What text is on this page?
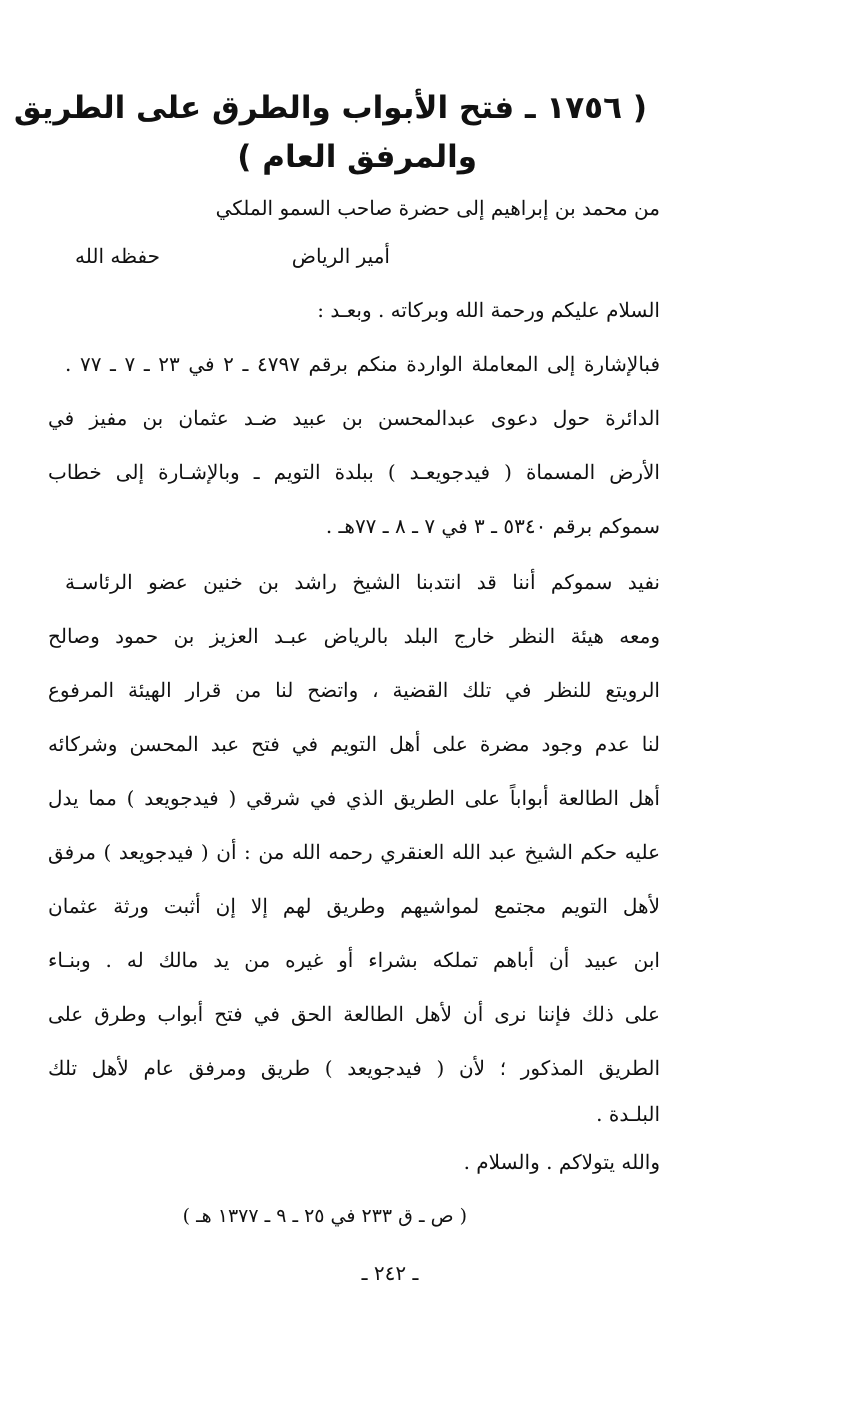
( ١٧٥٦ ـ فتح الأبواب والطرق على الطريق
والمرفق العام )
من محمد بن إبراهيم إلى حضرة صاحب السمو الملكي
أمير الرياض
حفظه الله
السلام عليكم ورحمة الله وبركاته . وبعـد :
فبالإشارة إلى المعاملة الواردة منكم برقم ٤٧٩٧ ـ ٢ في ٢٣ ـ ٧ ـ ٧٧ .
الدائرة حول دعوى عبدالمحسن بن عبيد ضـد عثمان بن مفيز في
الأرض المسماة ( فيدجويعـد ) ببلدة التويم ـ وبالإشـارة إلى خطاب
سموكم برقم ٥٣٤٠ ـ ٣ في ٧ ـ ٨ ـ ٧٧هـ .
نفيد سموكم أننا قد انتدبنا الشيخ راشد بن خنين عضو الرئاسـة
ومعه هيئة النظر خارج البلد بالرياض عبـد العزيز بن حمود وصالح
الرويتع للنظر في تلك القضية ، واتضح لنا من قرار الهيئة المرفوع
لنا عدم وجود مضرة على أهل التويم في فتح عبد المحسن وشركائه
أهل الطالعة أبواباً على الطريق الذي في شرقي ( فيدجويعد ) مما يدل
عليه حكم الشيخ عبد الله العنقري رحمه الله من : أن ( فيدجويعد ) مرفق
لأهل التويم مجتمع لمواشيهم وطريق لهم إلا إن أثبت ورثة عثمان
ابن عبيد أن أباهم تملكه بشراء أو غيره من يد مالك له . وبنـاء
على ذلك فإننا نرى أن لأهل الطالعة الحق في فتح أبواب وطرق على
الطريق المذكور ؛ لأن ( فيدجويعد ) طريق ومرفق عام لأهل تلك
البلـدة .
والله يتولاكم . والسلام .
( ص ـ ق ٢٣٣ في ٢٥ ـ ٩ ـ ١٣٧٧ هـ )
ـ ٢٤٢ ـ
